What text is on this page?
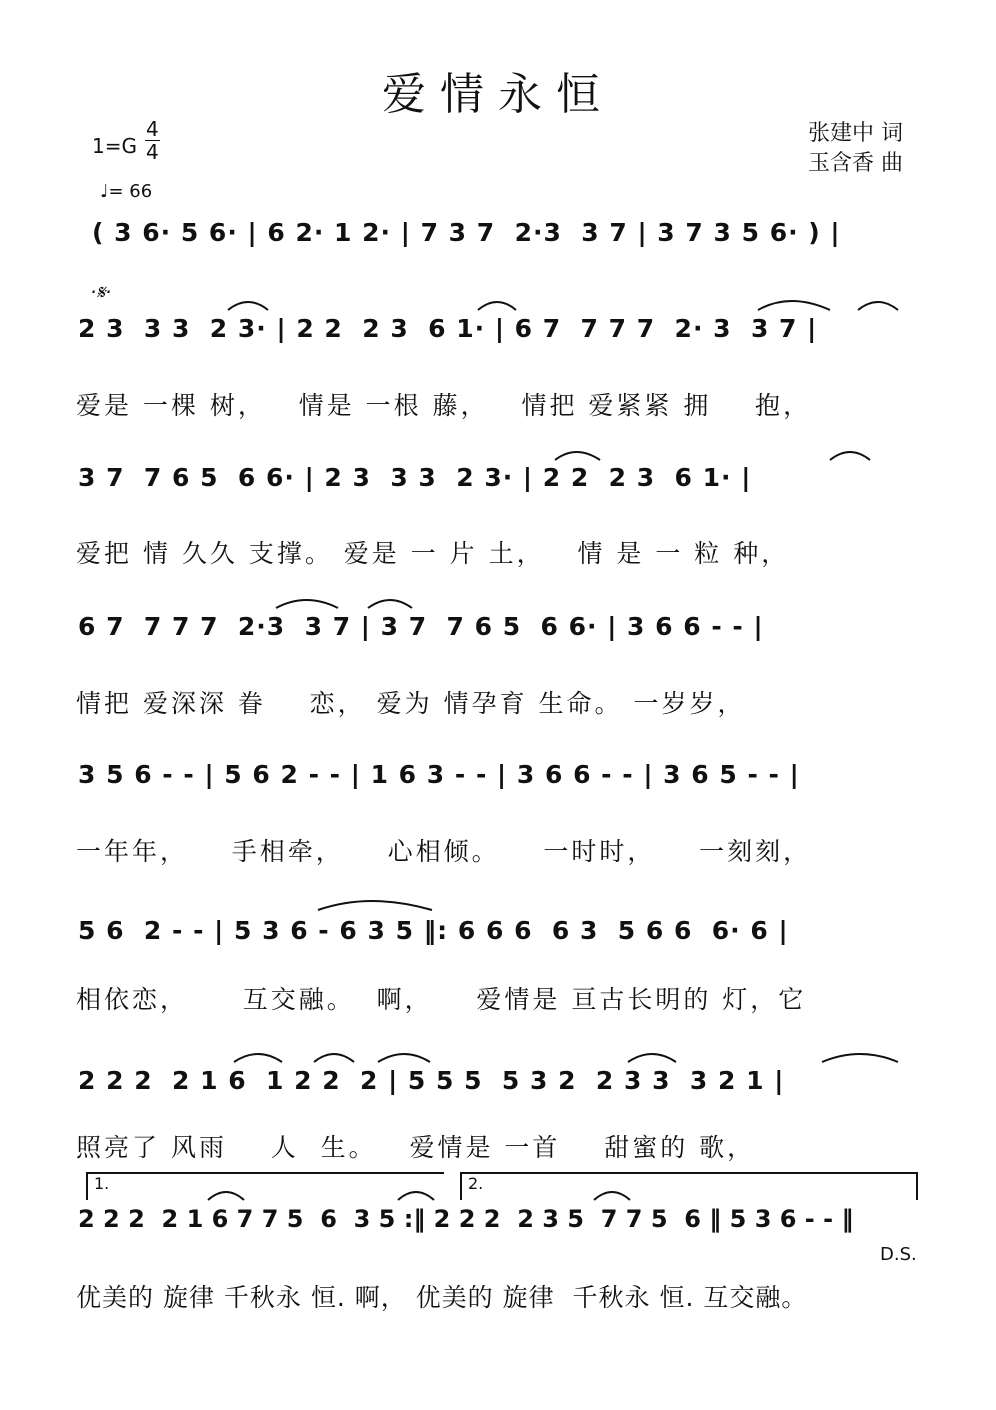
爱情永恒
$1=G \frac{4}{4}$
♩= 66
张建中 词
玉含香 曲
·𝄋·
( 3 6· 5 6· | 6 2· 1 2· | 7 3 7  2·3  3 7 | 3 7 3 5 6· ) |
2 3  3 3  2 3· | 2 2  2 3  6 1· | 6 7  7 7 7  2· 3  3 7 |
爱是 一棵 树，   情是 一根 藤，   情把 爱紧紧 拥    抱，
3 7  7 6 5  6 6· | 2 3  3 3  2 3· | 2 2  2 3  6 1· |
爱把 情 久久 支撑。 爱是 一 片 土，   情 是 一 粒 种，
6 7  7 7 7  2·3  3 7 | 3 7  7 6 5  6 6· | 3 6 6 - - |
情把 爱深深 眷    恋， 爱为 情孕育 生命。 一岁岁，
3 5 6 - - | 5 6 2 - - | 1 6 3 - - | 3 6 6 - - | 3 6 5 - - |
一年年，    手相牵，    心相倾。    一时时，    一刻刻，
5 6  2 - - | 5 3 6 - 6 3 5 ‖: 6 6 6  6 3  5 6 6  6· 6 |
相依恋，     互交融。  啊，    爱情是 亘古长明的 灯，它
2 2 2  2 1 6  1 2 2  2 | 5 5 5  5 3 2  2 3 3  3 2 1 |
照亮了 风雨    人  生。   爱情是 一首    甜蜜的 歌，
1.	2.
2 2 2  2 1 6 7 7 5  6  3 5 :‖ 2 2 2  2 3 5  7 7 5  6 ‖ 5 3 6 - - ‖
D.S.
优美的 旋律 千秋永 恒. 啊， 优美的 旋律  千秋永 恒. 互交融。
